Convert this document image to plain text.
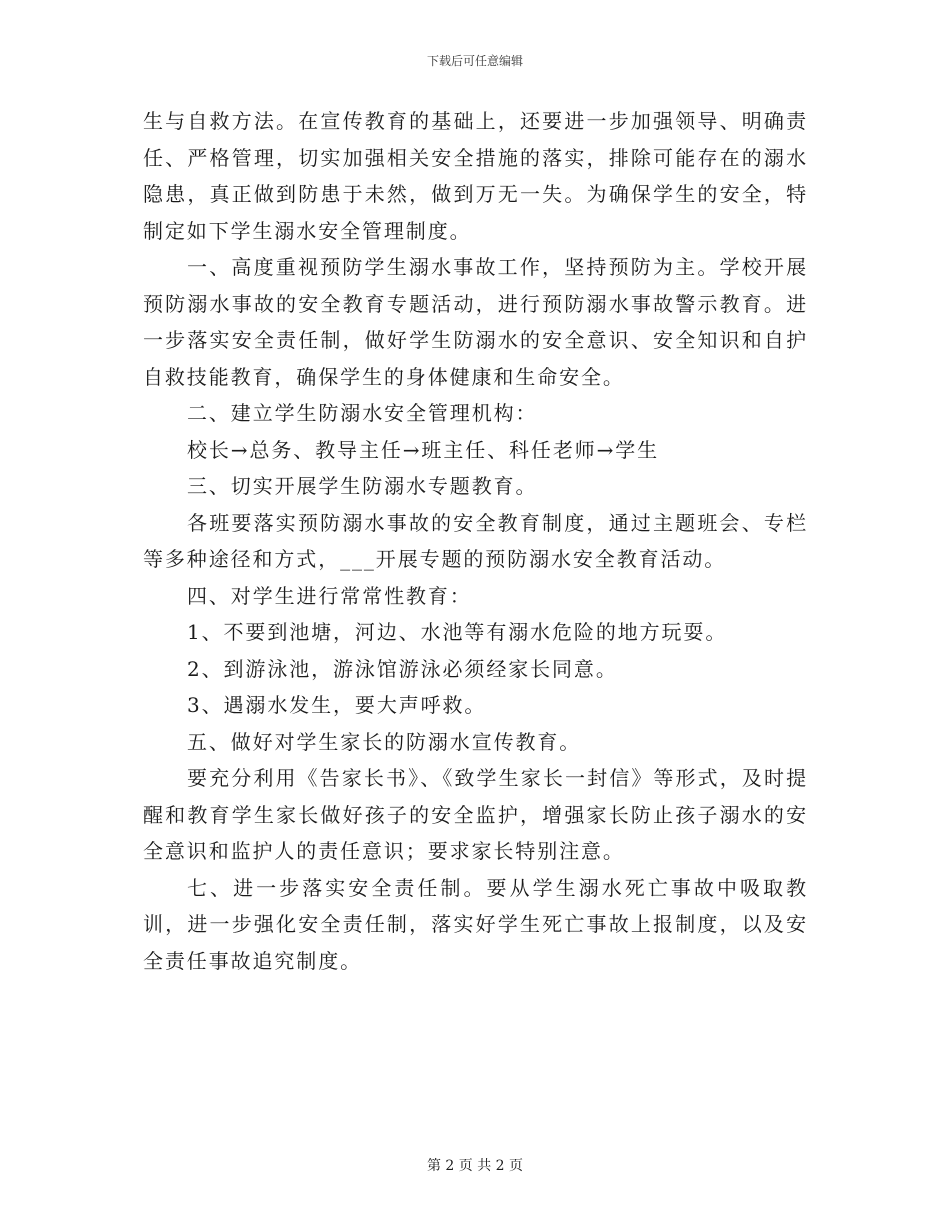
下载后可任意编辑

生与自救方法。在宣传教育的基础上，还要进一步加强领导、明确责任、严格管理，切实加强相关安全措施的落实，排除可能存在的溺水隐患，真正做到防患于未然，做到万无一失。为确保学生的安全，特制定如下学生溺水安全管理制度。

一、高度重视预防学生溺水事故工作，坚持预防为主。学校开展预防溺水事故的安全教育专题活动，进行预防溺水事故警示教育。进一步落实安全责任制，做好学生防溺水的安全意识、安全知识和自护自救技能教育，确保学生的身体健康和生命安全。

二、建立学生防溺水安全管理机构：

校长→总务、教导主任→班主任、科任老师→学生

三、切实开展学生防溺水专题教育。

各班要落实预防溺水事故的安全教育制度，通过主题班会、专栏等多种途径和方式，___开展专题的预防溺水安全教育活动。

四、对学生进行常常性教育：

1、不要到池塘，河边、水池等有溺水危险的地方玩耍。

2、到游泳池，游泳馆游泳必须经家长同意。

3、遇溺水发生，要大声呼救。

五、做好对学生家长的防溺水宣传教育。

要充分利用《告家长书》、《致学生家长一封信》等形式，及时提醒和教育学生家长做好孩子的安全监护，增强家长防止孩子溺水的安全意识和监护人的责任意识；要求家长特别注意。

七、进一步落实安全责任制。要从学生溺水死亡事故中吸取教训，进一步强化安全责任制，落实好学生死亡事故上报制度，以及安全责任事故追究制度。

第 2 页 共 2 页
